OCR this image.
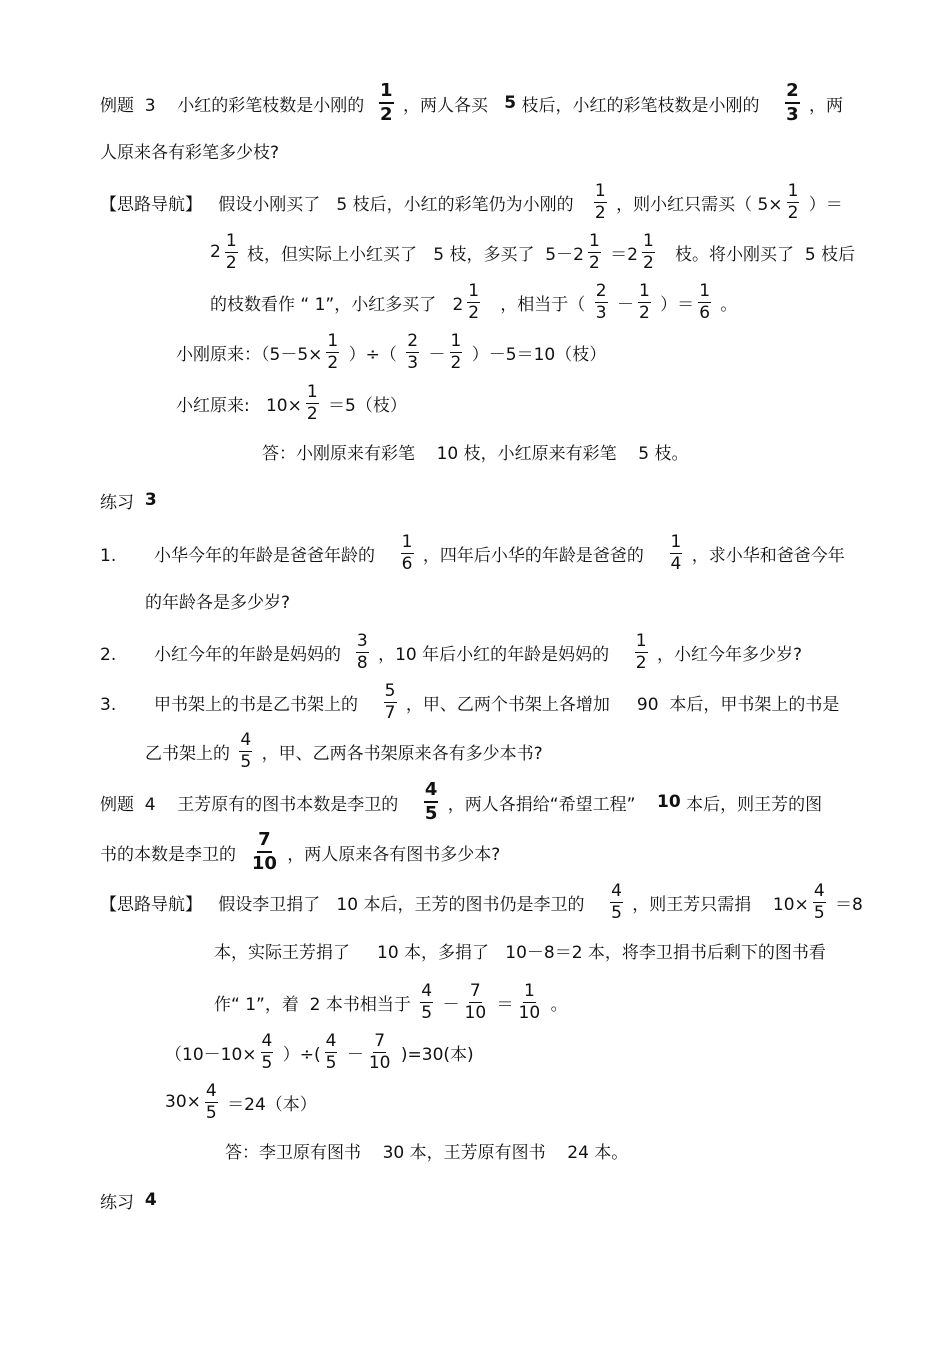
例题  3    小红的彩笔枝数是小刚的 $\frac{1}{2}$ ，两人各买 5 枝后，小红的彩笔枝数是小刚的 $\frac{2}{3}$ ，两
人原来各有彩笔多少枝?
【思路导航】   假设小刚买了   5 枝后，小红的彩笔仍为小刚的 $\frac{1}{2}$ ，则小红只需买（ $5\times \frac{1}{2}$ ）＝
$2 \frac{1}{2}$ 枝，但实际上小红买了   5 枝，多买了  $5-2 \frac{1}{2} =2 \frac{1}{2}$ 枝。将小刚买了  5 枝后
的枝数看作 “ 1”，小红多买了   $2 \frac{1}{2}$ ，相当于（ $\frac{2}{3} - \frac{1}{2}$ ）＝ $\frac{1}{6}$ 。
小刚原来：（$5-5\times \frac{1}{2}$ ）÷（ $\frac{2}{3} - \frac{1}{2} )-5=10$（枝）
小红原来:   $10\times \frac{1}{2} =5$（枝）
答：小刚原来有彩笔    10 枝，小红原来有彩笔    5 枝。
练习 3
1.       小华今年的年龄是爸爸年龄的 $\frac{1}{6}$ ，四年后小华的年龄是爸爸的 $\frac{1}{4}$ ，求小华和爸爸今年
的年龄各是多少岁?
2.       小红今年的年龄是妈妈的 $\frac{3}{8}$ ，10 年后小红的年龄是妈妈的 $\frac{1}{2}$ ，小红今年多少岁?
3.       甲书架上的书是乙书架上的 $\frac{5}{7}$ ，甲、乙两个书架上各增加     90  本后，甲书架上的书是
乙书架上的 $\frac{4}{5}$ ，甲、乙两各书架原来各有多少本书?
例题  4    王芳原有的图书本数是李卫的 $\frac{4}{5}$ ，两人各捐给“希望工程” 10 本后，则王芳的图
书的本数是李卫的 $\frac{7}{10}$ ，两人原来各有图书多少本?
【思路导航】   假设李卫捐了   10 本后，王芳的图书仍是李卫的 $\frac{4}{5}$ ，则王芳只需捐    $10\times \frac{4}{5} =8$
本，实际王芳捐了     10 本，多捐了   10－8＝2 本，将李卫捐书后剩下的图书看
作“ 1”，着  2 本书相当于 $\frac{4}{5} - \frac{7}{10} = \frac{1}{10}$ 。
（$10-10\times \frac{4}{5}$ ）÷( $\frac{4}{5} - \frac{7}{10} )=30$(本)
$30\times \frac{4}{5} =24$（本）
答：李卫原有图书    30 本，王芳原有图书    24 本。
练习 4
